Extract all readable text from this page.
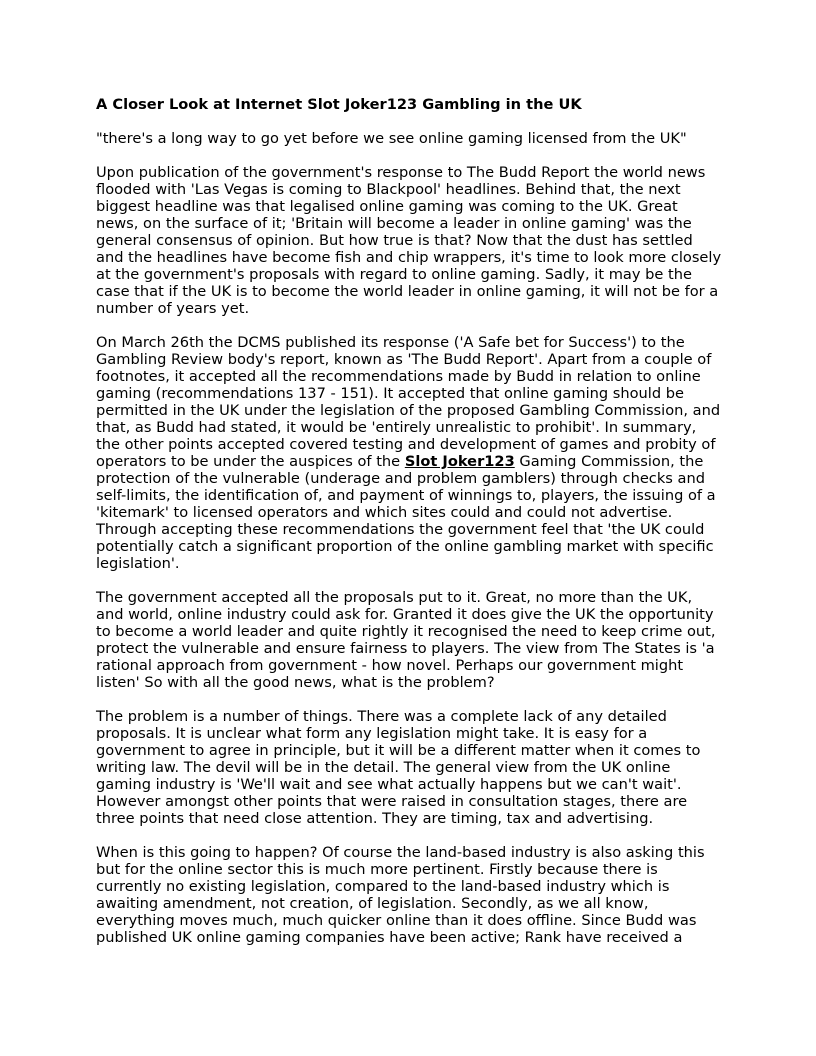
A Closer Look at Internet Slot Joker123 Gambling in the UK
"there's a long way to go yet before we see online gaming licensed from the UK"
Upon publication of the government's response to The Budd Report the world news flooded with 'Las Vegas is coming to Blackpool' headlines. Behind that, the next biggest headline was that legalised online gaming was coming to the UK. Great news, on the surface of it; 'Britain will become a leader in online gaming' was the general consensus of opinion. But how true is that? Now that the dust has settled and the headlines have become fish and chip wrappers, it's time to look more closely at the government's proposals with regard to online gaming. Sadly, it may be the case that if the UK is to become the world leader in online gaming, it will not be for a number of years yet.
On March 26th the DCMS published its response ('A Safe bet for Success') to the Gambling Review body's report, known as 'The Budd Report'. Apart from a couple of footnotes, it accepted all the recommendations made by Budd in relation to online gaming (recommendations 137 - 151). It accepted that online gaming should be permitted in the UK under the legislation of the proposed Gambling Commission, and that, as Budd had stated, it would be 'entirely unrealistic to prohibit'. In summary, the other points accepted covered testing and development of games and probity of operators to be under the auspices of the Slot Joker123 Gaming Commission, the protection of the vulnerable (underage and problem gamblers) through checks and self-limits, the identification of, and payment of winnings to, players, the issuing of a 'kitemark' to licensed operators and which sites could and could not advertise. Through accepting these recommendations the government feel that 'the UK could potentially catch a significant proportion of the online gambling market with specific legislation'.
The government accepted all the proposals put to it. Great, no more than the UK, and world, online industry could ask for. Granted it does give the UK the opportunity to become a world leader and quite rightly it recognised the need to keep crime out, protect the vulnerable and ensure fairness to players. The view from The States is 'a rational approach from government - how novel. Perhaps our government might listen' So with all the good news, what is the problem?
The problem is a number of things. There was a complete lack of any detailed proposals. It is unclear what form any legislation might take. It is easy for a government to agree in principle, but it will be a different matter when it comes to writing law. The devil will be in the detail. The general view from the UK online gaming industry is 'We'll wait and see what actually happens but we can't wait'. However amongst other points that were raised in consultation stages, there are three points that need close attention. They are timing, tax and advertising.
When is this going to happen? Of course the land-based industry is also asking this but for the online sector this is much more pertinent. Firstly because there is currently no existing legislation, compared to the land-based industry which is awaiting amendment, not creation, of legislation. Secondly, as we all know, everything moves much, much quicker online than it does offline. Since Budd was published UK online gaming companies have been active; Rank have received a
